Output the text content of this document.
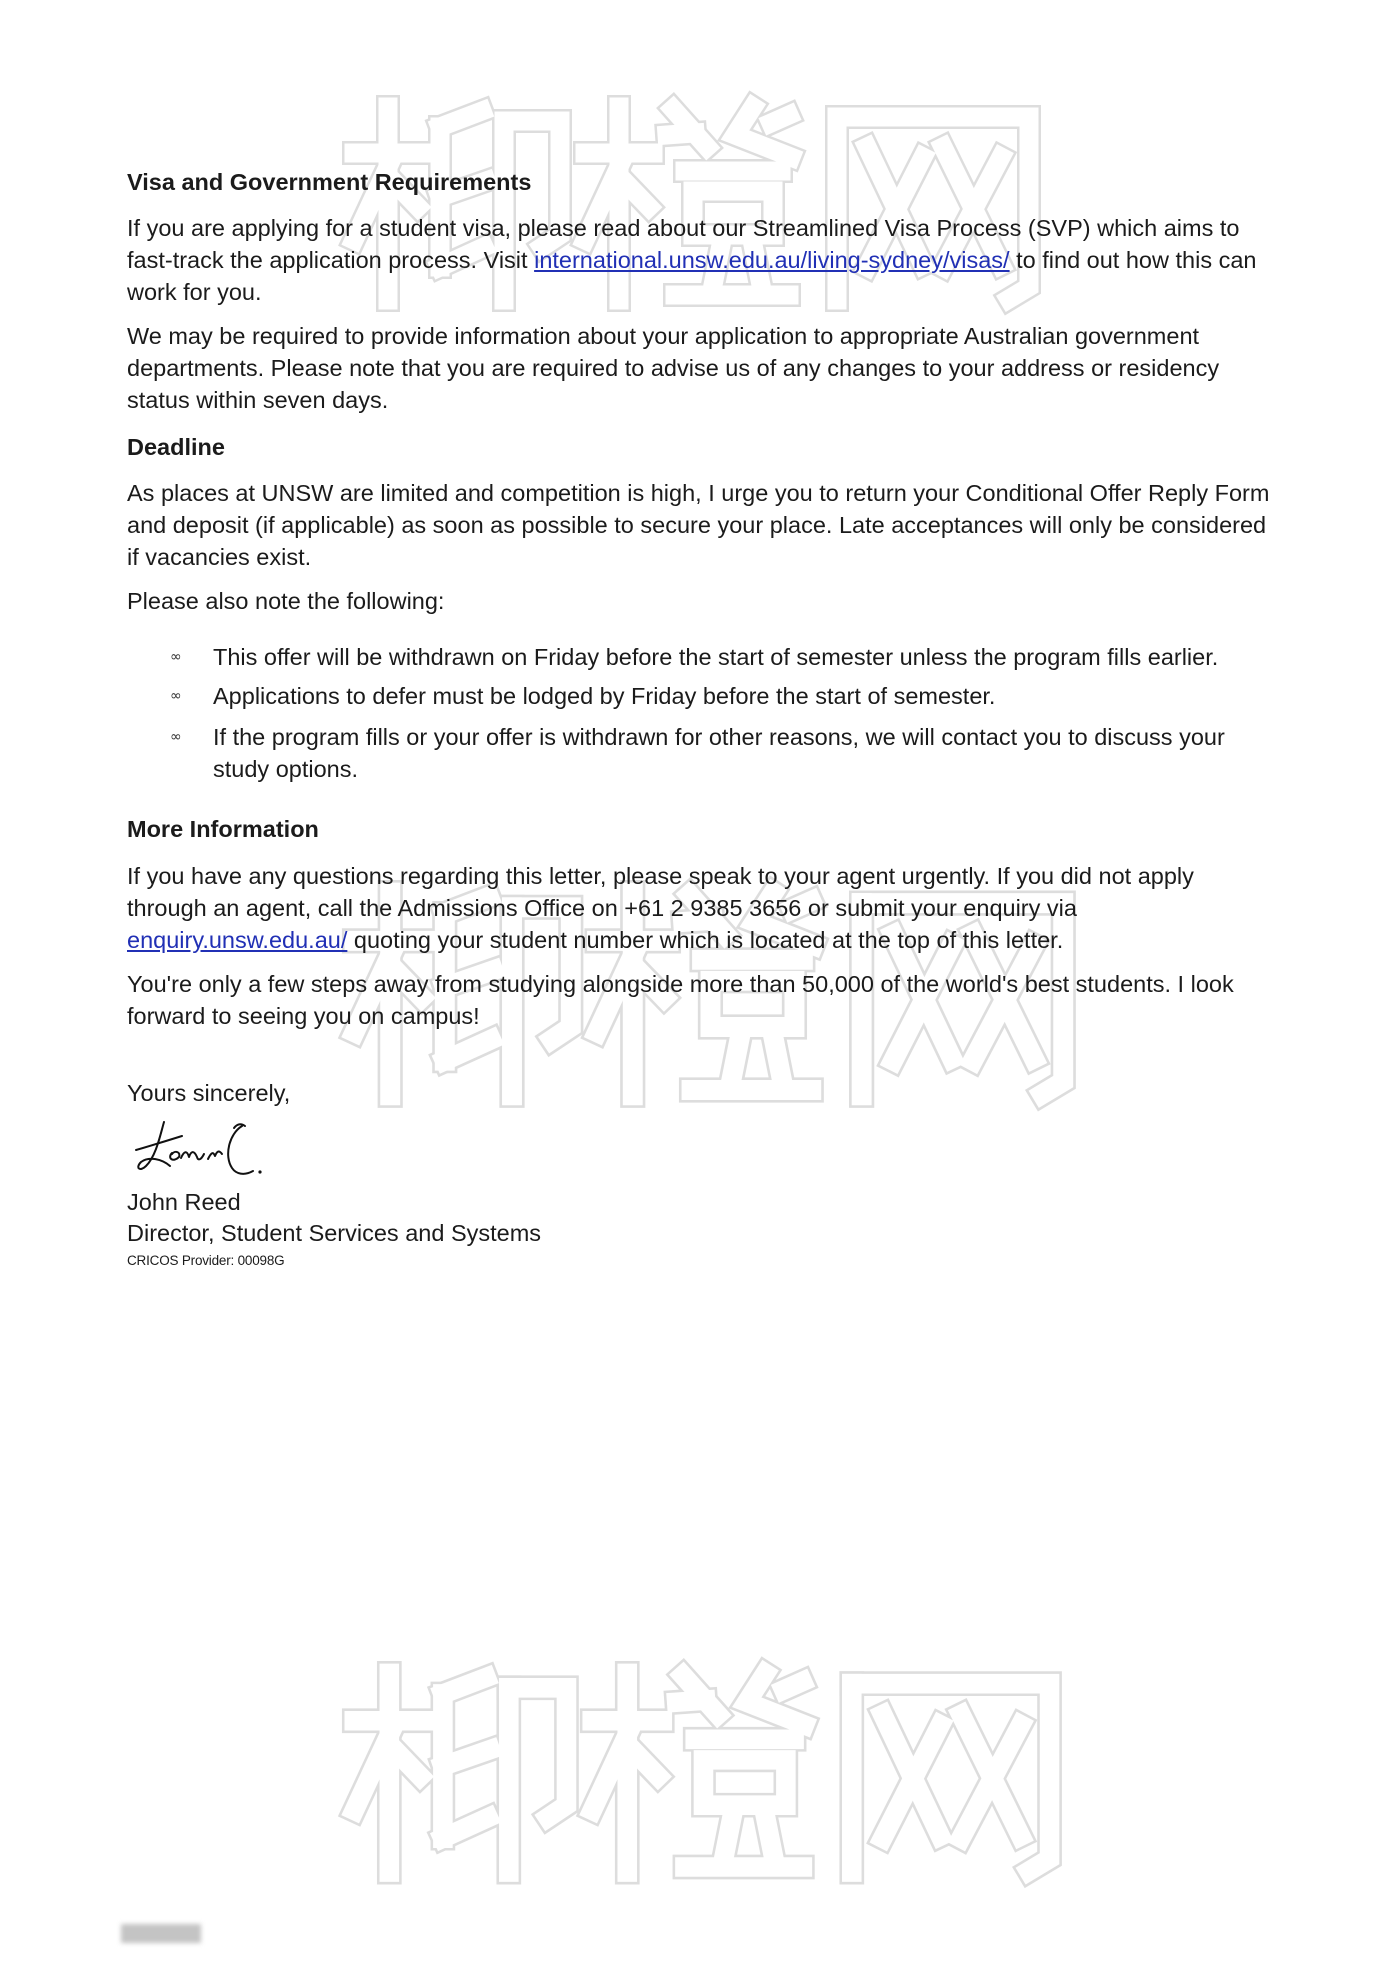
Visa and Government Requirements
If you are applying for a student visa, please read about our Streamlined Visa Process (SVP) which aims to
fast-track the application process. Visit international.unsw.edu.au/living-sydney/visas/ to find out how this can
work for you.
We may be required to provide information about your application to appropriate Australian government
departments. Please note that you are required to advise us of any changes to your address or residency
status within seven days.
Deadline
As places at UNSW are limited and competition is high, I urge you to return your Conditional Offer Reply Form
and deposit (if applicable) as soon as possible to secure your place. Late acceptances will only be considered
if vacancies exist.
Please also note the following:
∞ This offer will be withdrawn on Friday before the start of semester unless the program fills earlier.
∞ Applications to defer must be lodged by Friday before the start of semester.
∞ If the program fills or your offer is withdrawn for other reasons, we will contact you to discuss your
study options.
More Information
If you have any questions regarding this letter, please speak to your agent urgently. If you did not apply
through an agent, call the Admissions Office on +61 2 9385 3656 or submit your enquiry via
enquiry.unsw.edu.au/ quoting your student number which is located at the top of this letter.
You're only a few steps away from studying alongside more than 50,000 of the world's best students. I look
forward to seeing you on campus!
Yours sincerely,
John Reed
Director, Student Services and Systems
CRICOS Provider: 00098G
